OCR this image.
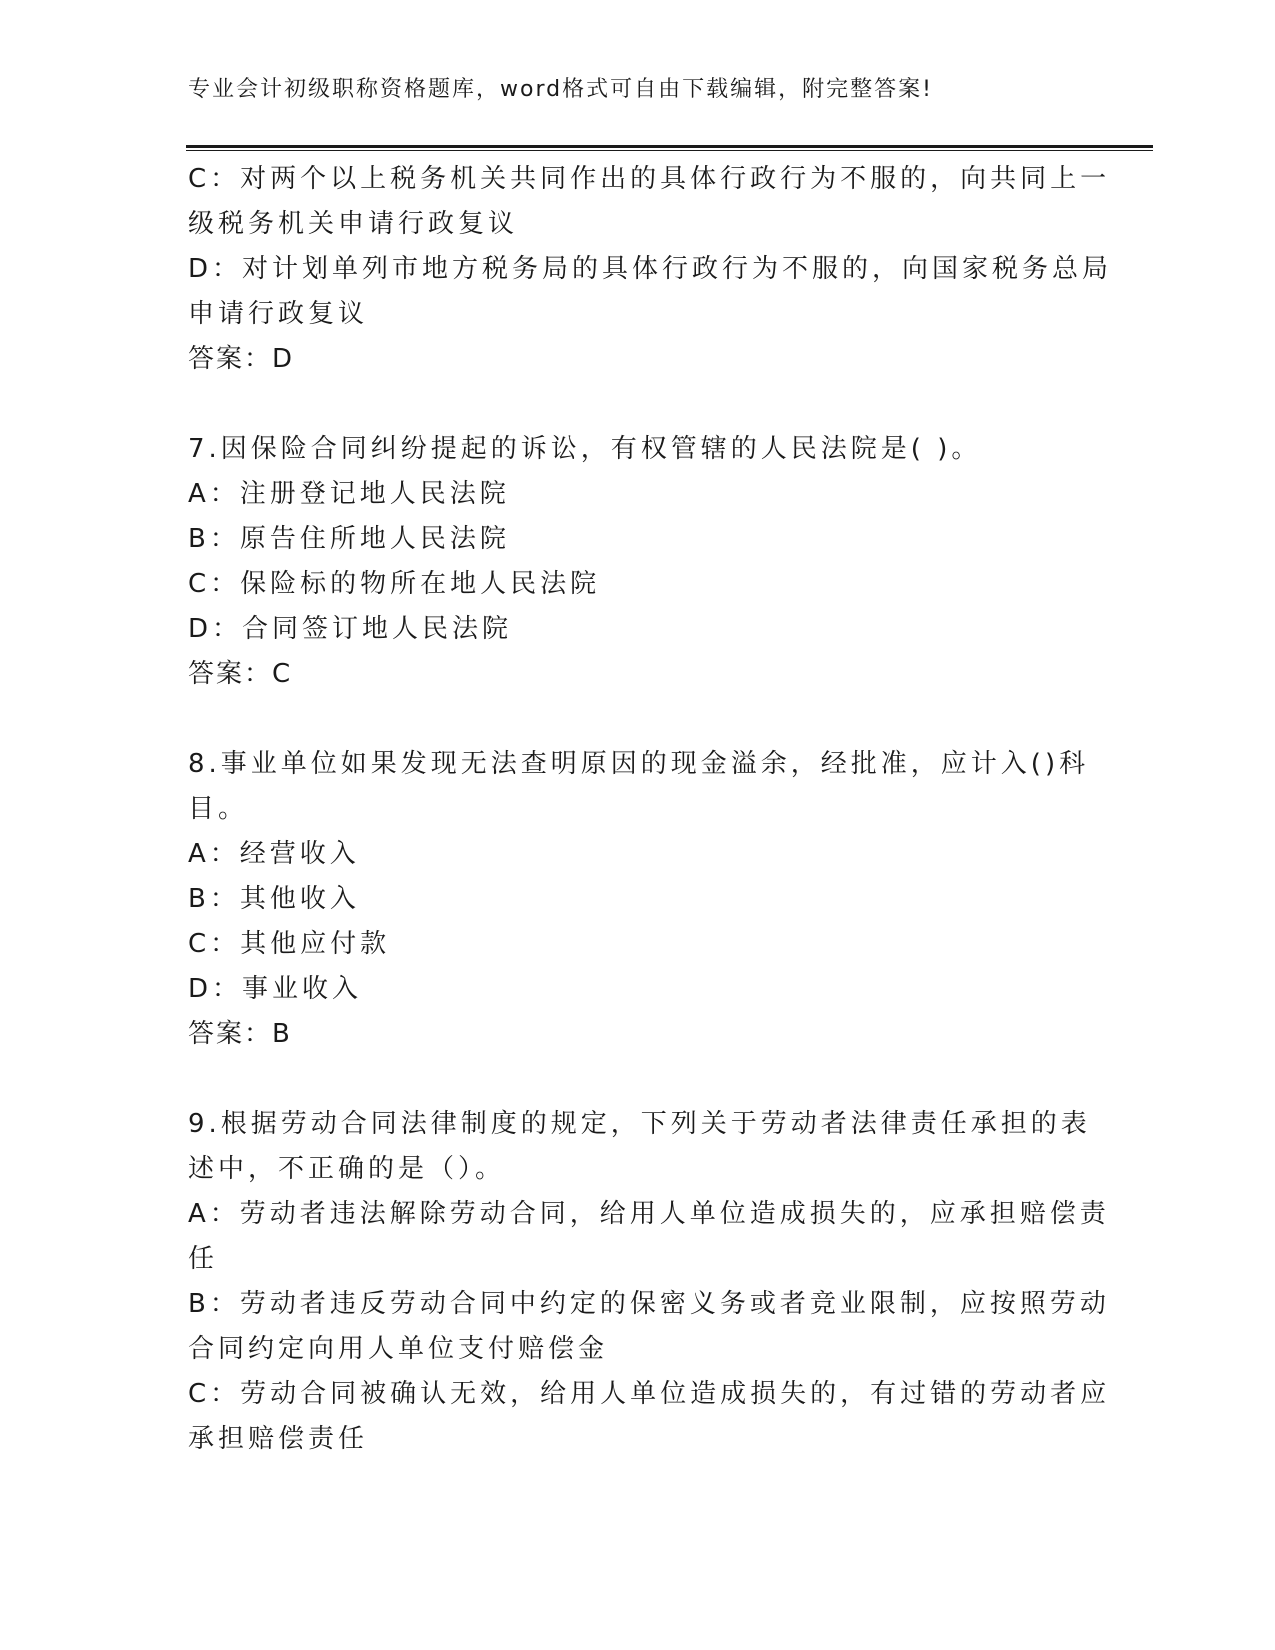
专业会计初级职称资格题库，word格式可自由下载编辑，附完整答案!
C：对两个以上税务机关共同作出的具体行政行为不服的，向共同上一
级税务机关申请行政复议
D：对计划单列市地方税务局的具体行政行为不服的，向国家税务总局
申请行政复议
答案：D
7.因保险合同纠纷提起的诉讼，有权管辖的人民法院是( )。
A：注册登记地人民法院
B：原告住所地人民法院
C：保险标的物所在地人民法院
D：合同签订地人民法院
答案：C
8.事业单位如果发现无法查明原因的现金溢余，经批准，应计入()科
目。
A：经营收入
B：其他收入
C：其他应付款
D：事业收入
答案：B
9.根据劳动合同法律制度的规定，下列关于劳动者法律责任承担的表
述中，不正确的是（）。
A：劳动者违法解除劳动合同，给用人单位造成损失的，应承担赔偿责
任
B：劳动者违反劳动合同中约定的保密义务或者竞业限制，应按照劳动
合同约定向用人单位支付赔偿金
C：劳动合同被确认无效，给用人单位造成损失的，有过错的劳动者应
承担赔偿责任
